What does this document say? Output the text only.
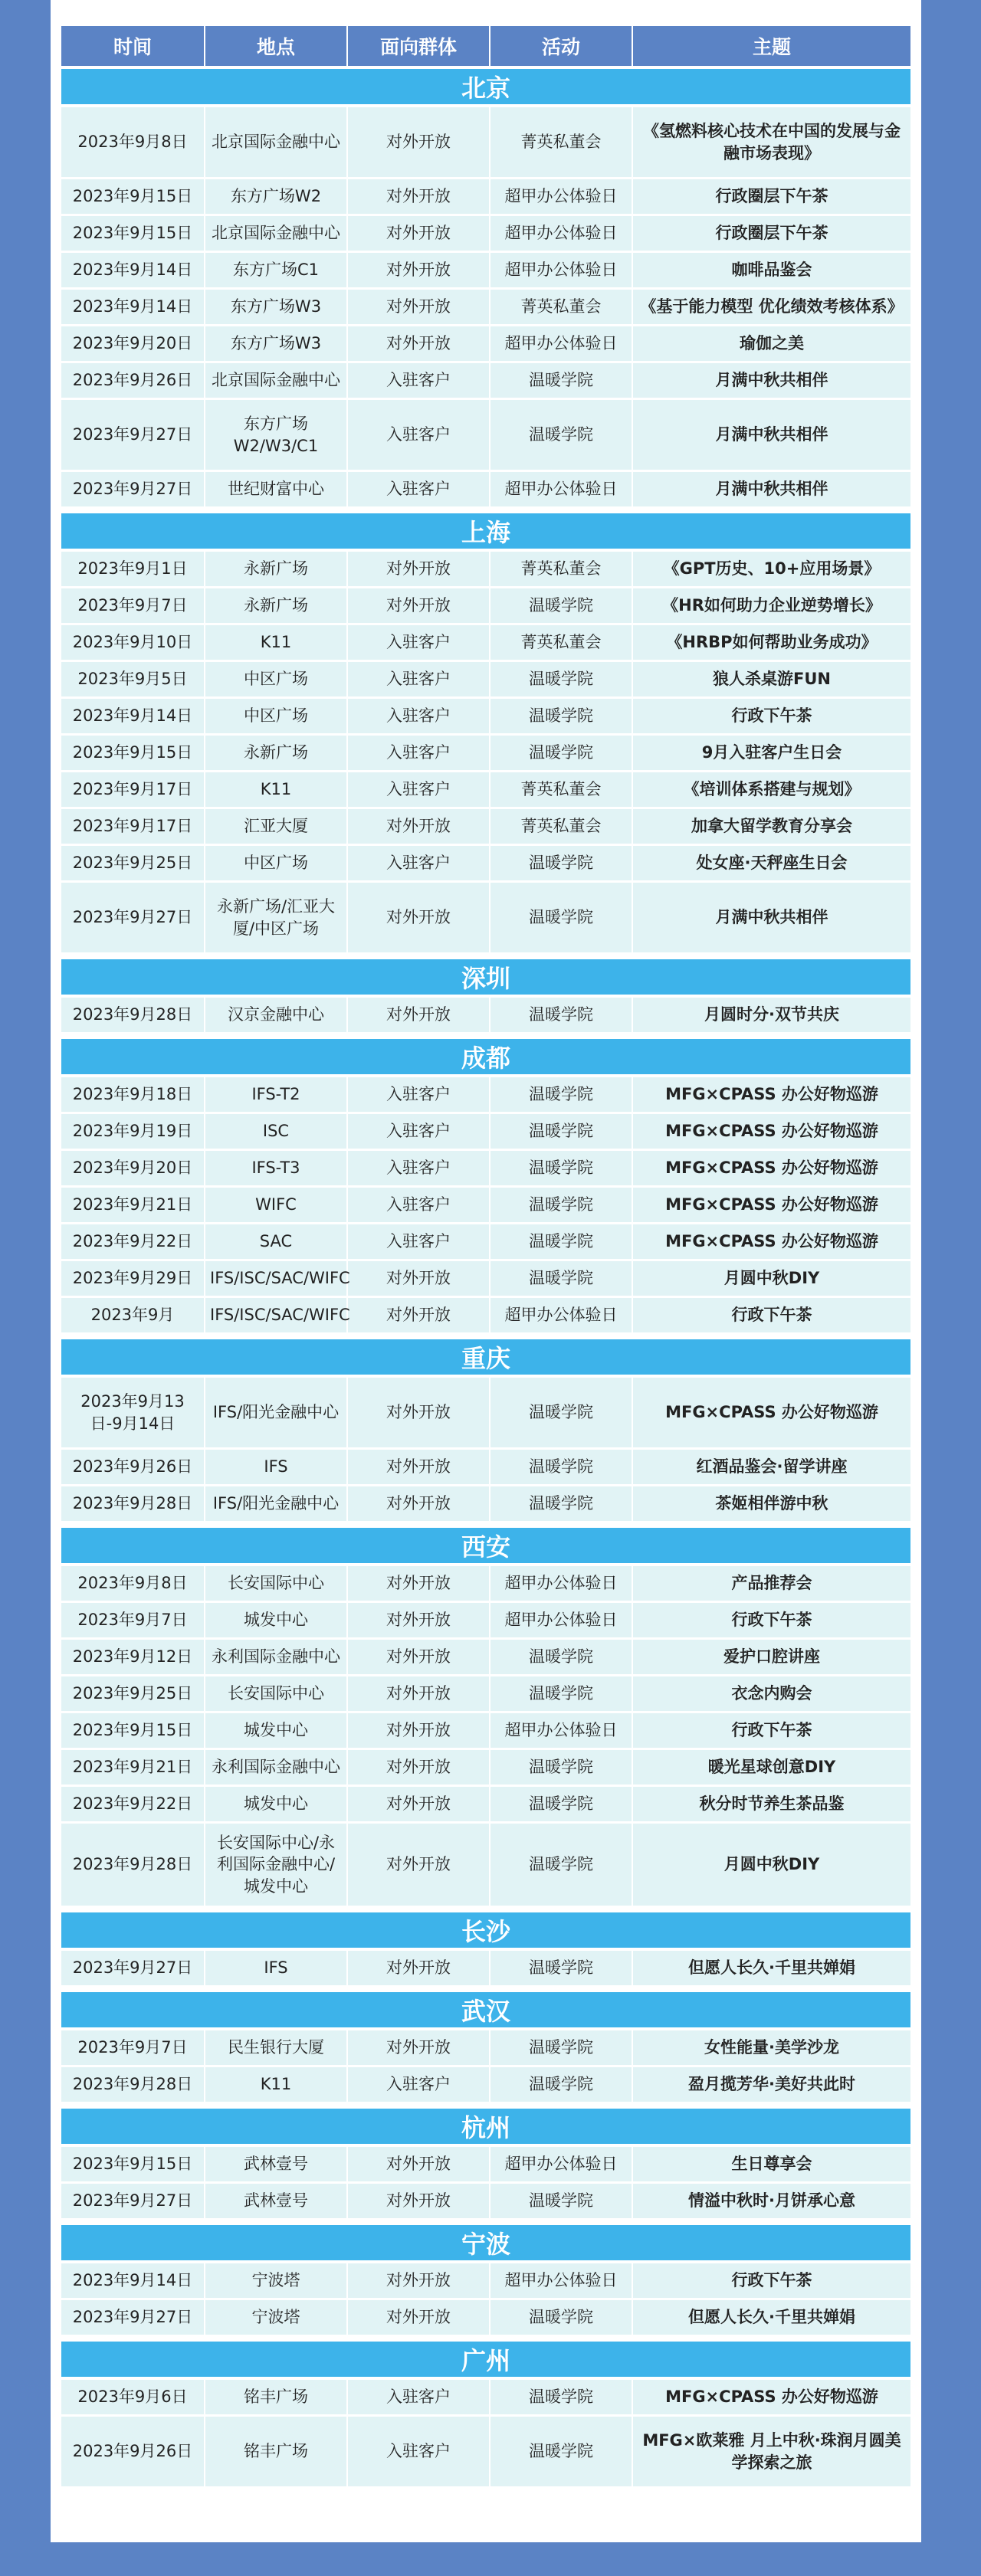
时间	地点	面向群体	活动	主题
北京				
2023年9月8日	北京国际金融中心	对外开放	菁英私董会	《氢燃料核心技术在中国的发展与金融市场表现》
2023年9月15日	东方广场W2	对外开放	超甲办公体验日	行政圈层下午茶
2023年9月15日	北京国际金融中心	对外开放	超甲办公体验日	行政圈层下午茶
2023年9月14日	东方广场C1	对外开放	超甲办公体验日	咖啡品鉴会
2023年9月14日	东方广场W3	对外开放	菁英私董会	《基于能力模型 优化绩效考核体系》
2023年9月20日	东方广场W3	对外开放	超甲办公体验日	瑜伽之美
2023年9月26日	北京国际金融中心	入驻客户	温暖学院	月满中秋共相伴
2023年9月27日	东方广场W2/W3/C1	入驻客户	温暖学院	月满中秋共相伴
2023年9月27日	世纪财富中心	入驻客户	超甲办公体验日	月满中秋共相伴
上海				
2023年9月1日	永新广场	对外开放	菁英私董会	《GPT历史、10+应用场景》
2023年9月7日	永新广场	对外开放	温暖学院	《HR如何助力企业逆势增长》
2023年9月10日	K11	入驻客户	菁英私董会	《HRBP如何帮助业务成功》
2023年9月5日	中区广场	入驻客户	温暖学院	狼人杀桌游FUN
2023年9月14日	中区广场	入驻客户	温暖学院	行政下午茶
2023年9月15日	永新广场	入驻客户	温暖学院	9月入驻客户生日会
2023年9月17日	K11	入驻客户	菁英私董会	《培训体系搭建与规划》
2023年9月17日	汇亚大厦	对外开放	菁英私董会	加拿大留学教育分享会
2023年9月25日	中区广场	入驻客户	温暖学院	处女座·天秤座生日会
2023年9月27日	永新广场/汇亚大厦/中区广场	对外开放	温暖学院	月满中秋共相伴
深圳				
2023年9月28日	汉京金融中心	对外开放	温暖学院	月圆时分·双节共庆
成都				
2023年9月18日	IFS-T2	入驻客户	温暖学院	MFG×CPASS 办公好物巡游
2023年9月19日	ISC	入驻客户	温暖学院	MFG×CPASS 办公好物巡游
2023年9月20日	IFS-T3	入驻客户	温暖学院	MFG×CPASS 办公好物巡游
2023年9月21日	WIFC	入驻客户	温暖学院	MFG×CPASS 办公好物巡游
2023年9月22日	SAC	入驻客户	温暖学院	MFG×CPASS 办公好物巡游
2023年9月29日	IFS/ISC/SAC/WIFC	对外开放	温暖学院	月圆中秋DIY
2023年9月	IFS/ISC/SAC/WIFC	对外开放	超甲办公体验日	行政下午茶
重庆				
2023年9月13日-9月14日	IFS/阳光金融中心	对外开放	温暖学院	MFG×CPASS 办公好物巡游
2023年9月26日	IFS	对外开放	温暖学院	红酒品鉴会·留学讲座
2023年9月28日	IFS/阳光金融中心	对外开放	温暖学院	茶姬相伴游中秋
西安				
2023年9月8日	长安国际中心	对外开放	超甲办公体验日	产品推荐会
2023年9月7日	城发中心	对外开放	超甲办公体验日	行政下午茶
2023年9月12日	永利国际金融中心	对外开放	温暖学院	爱护口腔讲座
2023年9月25日	长安国际中心	对外开放	温暖学院	衣念内购会
2023年9月15日	城发中心	对外开放	超甲办公体验日	行政下午茶
2023年9月21日	永利国际金融中心	对外开放	温暖学院	暖光星球创意DIY
2023年9月22日	城发中心	对外开放	温暖学院	秋分时节养生茶品鉴
2023年9月28日	长安国际中心/永利国际金融中心/城发中心	对外开放	温暖学院	月圆中秋DIY
长沙				
2023年9月27日	IFS	对外开放	温暖学院	但愿人长久·千里共婵娟
武汉				
2023年9月7日	民生银行大厦	对外开放	温暖学院	女性能量·美学沙龙
2023年9月28日	K11	入驻客户	温暖学院	盈月揽芳华·美好共此时
杭州				
2023年9月15日	武林壹号	对外开放	超甲办公体验日	生日尊享会
2023年9月27日	武林壹号	对外开放	温暖学院	情溢中秋时·月饼承心意
宁波				
2023年9月14日	宁波塔	对外开放	超甲办公体验日	行政下午茶
2023年9月27日	宁波塔	对外开放	温暖学院	但愿人长久·千里共婵娟
广州				
2023年9月6日	铭丰广场	入驻客户	温暖学院	MFG×CPASS 办公好物巡游
2023年9月26日	铭丰广场	入驻客户	温暖学院	MFG×欧莱雅 月上中秋·珠润月圆美学探索之旅
